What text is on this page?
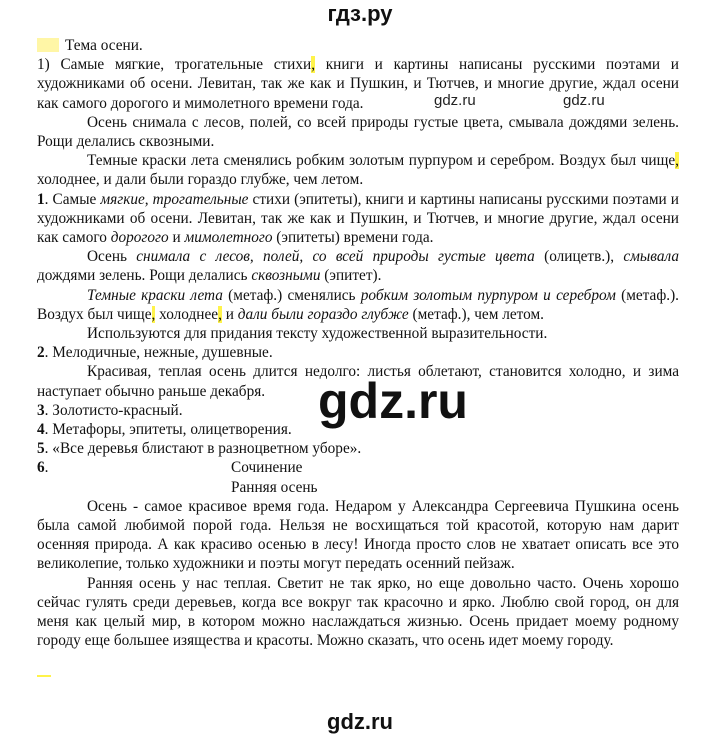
гдз.ру

Тема осени.

1) Самые мягкие, трогательные стихи, книги и картины написаны русскими поэтами и художниками об осени. Левитан, так же как и Пушкин, и Тютчев, и многие другие, ждал осени как самого дорогого и мимолетного времени года.

Осень снимала с лесов, полей, со всей природы густые цвета, смывала дождями зелень. Рощи делались сквозными.

Темные краски лета сменялись робким золотым пурпуром и серебром. Воздух был чище, холоднее, и дали были гораздо глубже, чем летом.

1. Самые мягкие, трогательные стихи (эпитеты), книги и картины написаны русскими поэтами и художниками об осени. Левитан, так же как и Пушкин, и Тютчев, и многие другие, ждал осени как самого дорогого и мимолетного (эпитеты) времени года.

Осень снимала с лесов, полей, со всей природы густые цвета (олицетв.), смывала дождями зелень. Рощи делались сквозными (эпитет).

Темные краски лета (метаф.) сменялись робким золотым пурпуром и серебром (метаф.). Воздух был чище, холоднее, и дали были гораздо глубже (метаф.), чем летом.

Используются для придания тексту художественной выразительности.

2. Мелодичные, нежные, душевные.

Красивая, теплая осень длится недолго: листья облетают, становится холодно, и зима наступает обычно раньше декабря.

3. Золотисто-красный.

4. Метафоры, эпитеты, олицетворения.

5. «Все деревья блистают в разноцветном уборе».

6.	Сочинение

Ранняя осень

Осень - самое красивое время года. Недаром у Александра Сергеевича Пушкина осень была самой любимой порой года. Нельзя не восхищаться той красотой, которую нам дарит осенняя природа. А как красиво осенью в лесу! Иногда просто слов не хватает описать все это великолепие, только художники и поэты могут передать осенний пейзаж.

Ранняя осень у нас теплая. Светит не так ярко, но еще довольно часто. Очень хорошо сейчас гулять среди деревьев, когда все вокруг так красочно и ярко. Люблю свой город, он для меня как целый мир, в котором можно наслаждаться жизнью. Осень придает моему родному городу еще большее изящества и красоты. Можно сказать, что осень идет моему городу.

gdz.ru	gdz.ru
gdz.ru
gdz.ru
